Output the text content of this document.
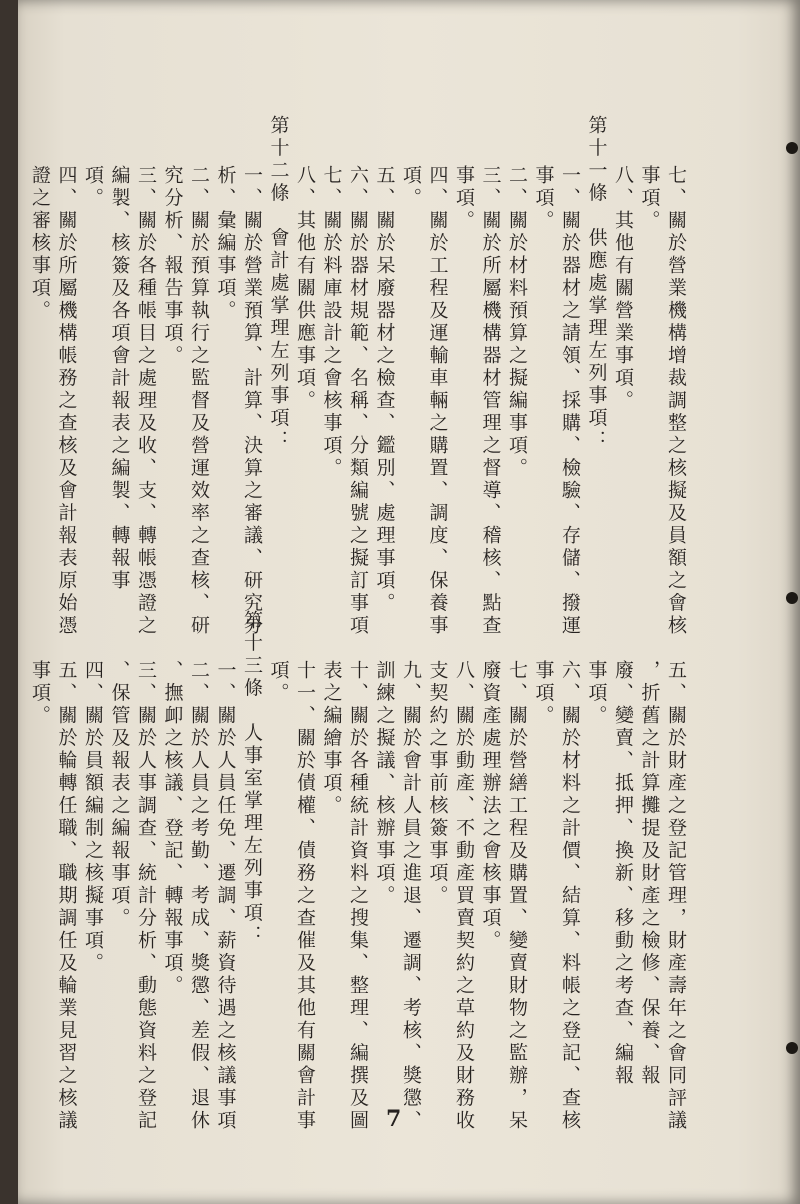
七、關於營業機構增裁調整之核擬及員額之會核
事項。
八、其他有關營業事項。
第十一條　供應處掌理左列事項：
一、關於器材之請領、採購、檢驗、存儲、撥運
事項。
二、關於材料預算之擬編事項。
三、關於所屬機構器材管理之督導、稽核、點查
事項。
四、關於工程及運輸車輛之購置、調度、保養事
項。
五、關於呆廢器材之檢查、鑑別、處理事項。
六、關於器材規範、名稱、分類編號之擬訂事項
七、關於料庫設計之會核事項。
八、其他有關供應事項。
第十二條　會計處掌理左列事項：
一、關於營業預算、計算、決算之審議、研究分
析、彙編事項。
二、關於預算執行之監督及營運效率之查核、研
究分析、報告事項。
三、關於各種帳目之處理及收、支、轉帳憑證之
編製、核簽及各項會計報表之編製、轉報事
項。
四、關於所屬機構帳務之查核及會計報表原始憑
證之審核事項。
五、關於財產之登記管理，財產壽年之會同評議
，折舊之計算攤提及財產之檢修、保養、報
廢、變賣、抵押、換新、移動之考查、編報
事項。
六、關於材料之計價、結算、料帳之登記、查核
事項。
七、關於營繕工程及購置、變賣財物之監辦，呆
廢資產處理辦法之會核事項。
八、關於動產、不動產買賣契約之草約及財務收
支契約之事前核簽事項。
九、關於會計人員之進退、遷調、考核、獎懲、
訓練之擬議、核辦事項。
十、關於各種統計資料之搜集、整理、編撰及圖
表之編繪事項。
十一、關於債權、債務之查催及其他有關會計事
項。
第十三條　人事室掌理左列事項：
一、關於人員任免、遷調、薪資待遇之核議事項
二、關於人員之考勤、考成、獎懲、差假、退休
、撫卹之核議、登記、轉報事項。
三、關於人事調查、統計分析、動態資料之登記
、保管及報表之編報事項。
四、關於員額編制之核擬事項。
五、關於輪轉任職、職期調任及輪業見習之核議
事項。
7
